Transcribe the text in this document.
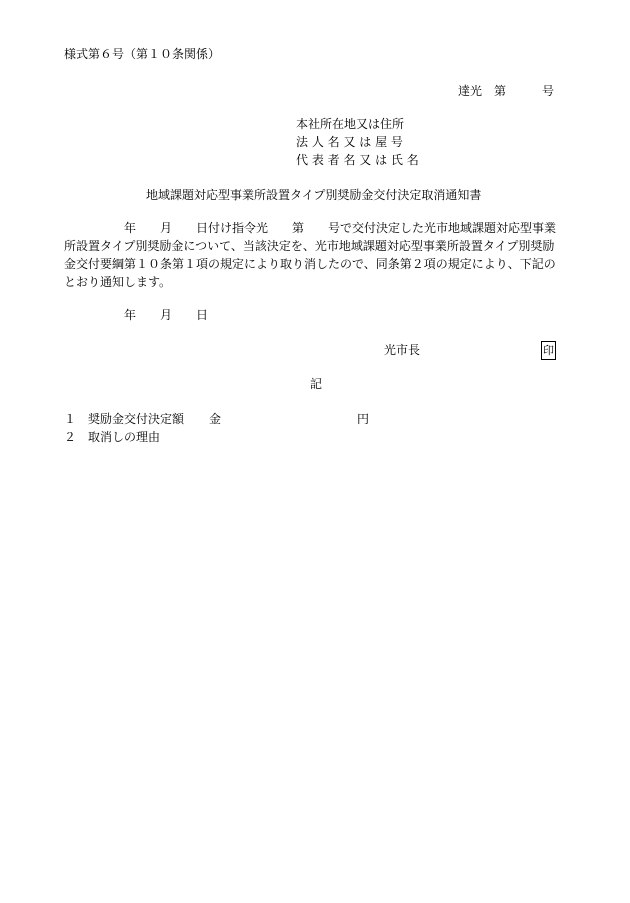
様式第６号（第１０条関係）
達光　第　　　号
本社所在地又は住所
法 人 名 又 は 屋 号
代 表 者 名 又 は 氏 名
地域課題対応型事業所設置タイプ別奨励金交付決定取消通知書
年　　月　　日付け指令光　　第　　号で交付決定した光市地域課題対応型事業
所設置タイプ別奨励金について、当該決定を、光市地域課題対応型事業所設置タイプ別奨励
金交付要綱第１０条第１項の規定により取り消したので、同条第２項の規定により、下記の
とおり通知します。
年　　月　　日
光市長	印
記
１ 奨励金交付決定額 金	円
２ 取消しの理由
